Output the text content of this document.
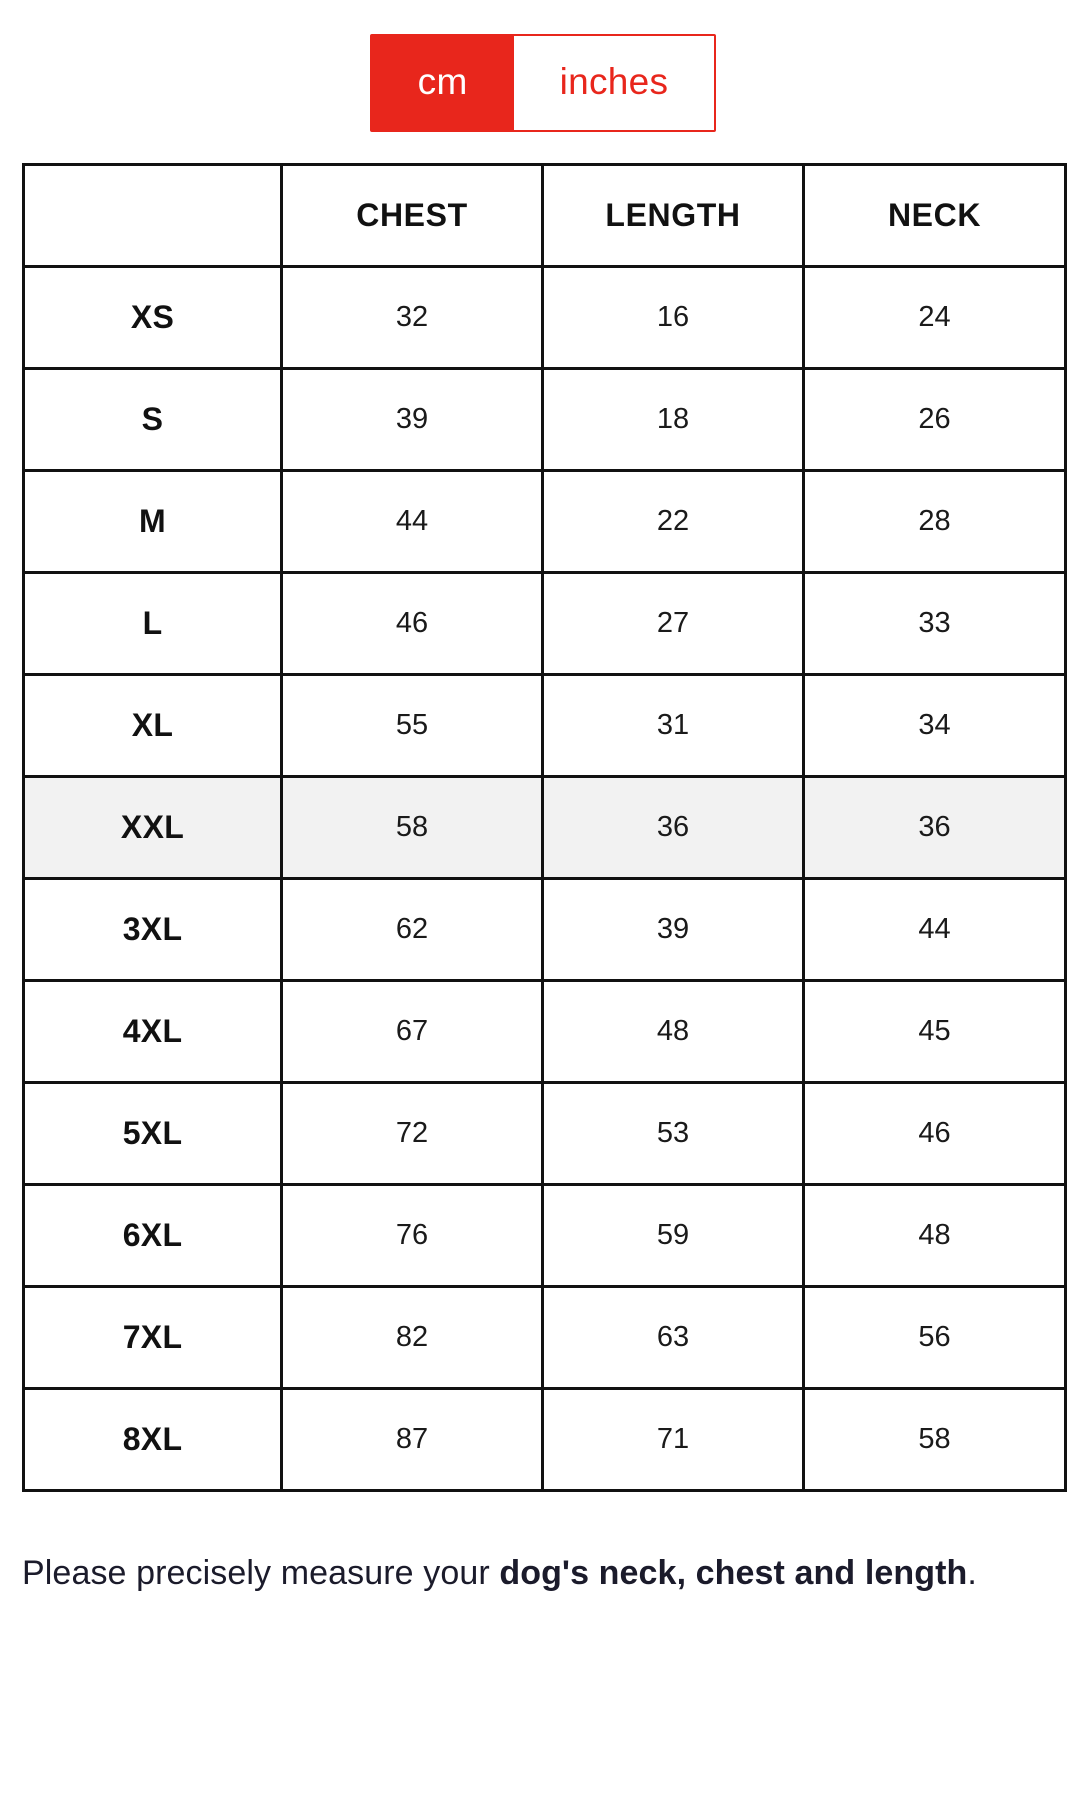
cm	inches
	CHEST	LENGTH	NECK
XS	32	16	24
S	39	18	26
M	44	22	28
L	46	27	33
XL	55	31	34
XXL	58	36	36
3XL	62	39	44
4XL	67	48	45
5XL	72	53	46
6XL	76	59	48
7XL	82	63	56
8XL	87	71	58

Please precisely measure your dog's neck, chest and length.
